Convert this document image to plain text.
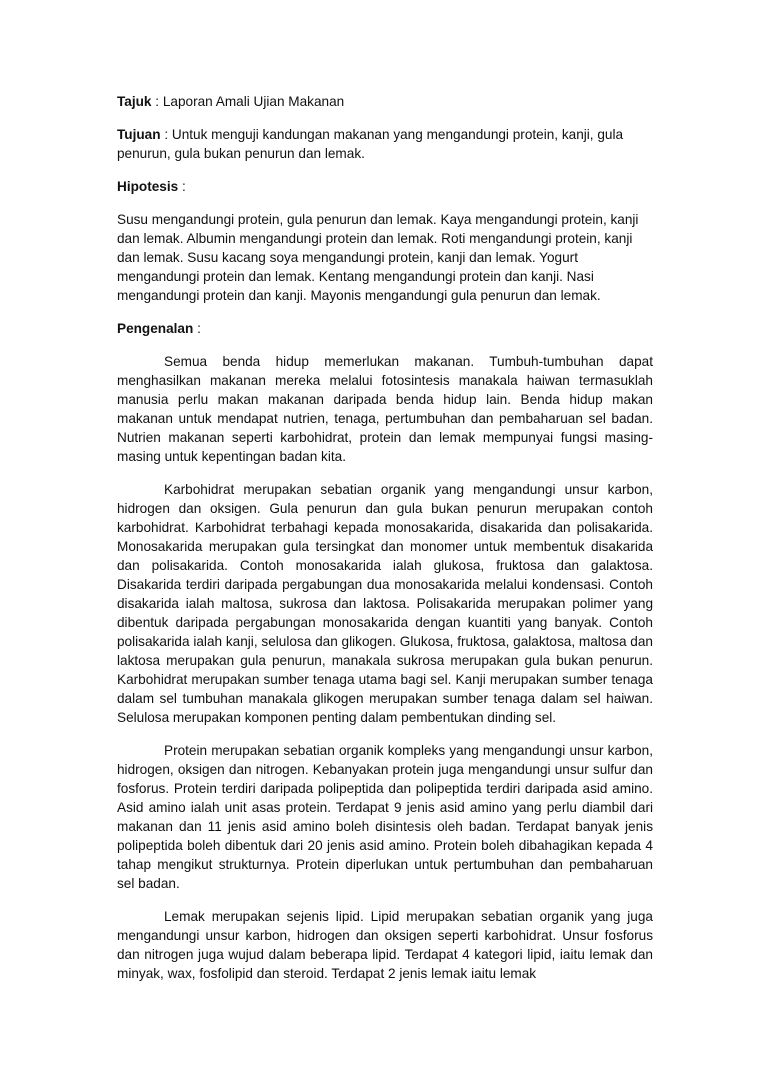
Tajuk : Laporan Amali Ujian Makanan

Tujuan : Untuk menguji kandungan makanan yang mengandungi protein, kanji, gula penurun, gula bukan penurun dan lemak.

Hipotesis :

Susu mengandungi protein, gula penurun dan lemak. Kaya mengandungi protein, kanji dan lemak. Albumin mengandungi protein dan lemak. Roti mengandungi protein, kanji dan lemak. Susu kacang soya mengandungi protein, kanji dan lemak. Yogurt mengandungi protein dan lemak. Kentang mengandungi protein dan kanji. Nasi mengandungi protein dan kanji. Mayonis mengandungi gula penurun dan lemak.

Pengenalan :

Semua benda hidup memerlukan makanan. Tumbuh-tumbuhan dapat menghasilkan makanan mereka melalui fotosintesis manakala haiwan termasuklah manusia perlu makan makanan daripada benda hidup lain. Benda hidup makan makanan untuk mendapat nutrien, tenaga, pertumbuhan dan pembaharuan sel badan. Nutrien makanan seperti karbohidrat, protein dan lemak mempunyai fungsi masing-masing untuk kepentingan badan kita.

Karbohidrat merupakan sebatian organik yang mengandungi unsur karbon, hidrogen dan oksigen. Gula penurun dan gula bukan penurun merupakan contoh karbohidrat. Karbohidrat terbahagi kepada monosakarida, disakarida dan polisakarida. Monosakarida merupakan gula tersingkat dan monomer untuk membentuk disakarida dan polisakarida. Contoh monosakarida ialah glukosa, fruktosa dan galaktosa. Disakarida terdiri daripada pergabungan dua monosakarida melalui kondensasi. Contoh disakarida ialah maltosa, sukrosa dan laktosa. Polisakarida merupakan polimer yang dibentuk daripada pergabungan monosakarida dengan kuantiti yang banyak. Contoh polisakarida ialah kanji, selulosa dan glikogen. Glukosa, fruktosa, galaktosa, maltosa dan laktosa merupakan gula penurun, manakala sukrosa merupakan gula bukan penurun. Karbohidrat merupakan sumber tenaga utama bagi sel. Kanji merupakan sumber tenaga dalam sel tumbuhan manakala glikogen merupakan sumber tenaga dalam sel haiwan. Selulosa merupakan komponen penting dalam pembentukan dinding sel.

Protein merupakan sebatian organik kompleks yang mengandungi unsur karbon, hidrogen, oksigen dan nitrogen. Kebanyakan protein juga mengandungi unsur sulfur dan fosforus. Protein terdiri daripada polipeptida dan polipeptida terdiri daripada asid amino. Asid amino ialah unit asas protein. Terdapat 9 jenis asid amino yang perlu diambil dari makanan dan 11 jenis asid amino boleh disintesis oleh badan. Terdapat banyak jenis polipeptida boleh dibentuk dari 20 jenis asid amino. Protein boleh dibahagikan kepada 4 tahap mengikut strukturnya. Protein diperlukan untuk pertumbuhan dan pembaharuan sel badan.

Lemak merupakan sejenis lipid. Lipid merupakan sebatian organik yang juga mengandungi unsur karbon, hidrogen dan oksigen seperti karbohidrat. Unsur fosforus dan nitrogen juga wujud dalam beberapa lipid. Terdapat 4 kategori lipid, iaitu lemak dan minyak, wax, fosfolipid dan steroid. Terdapat 2 jenis lemak iaitu lemak
